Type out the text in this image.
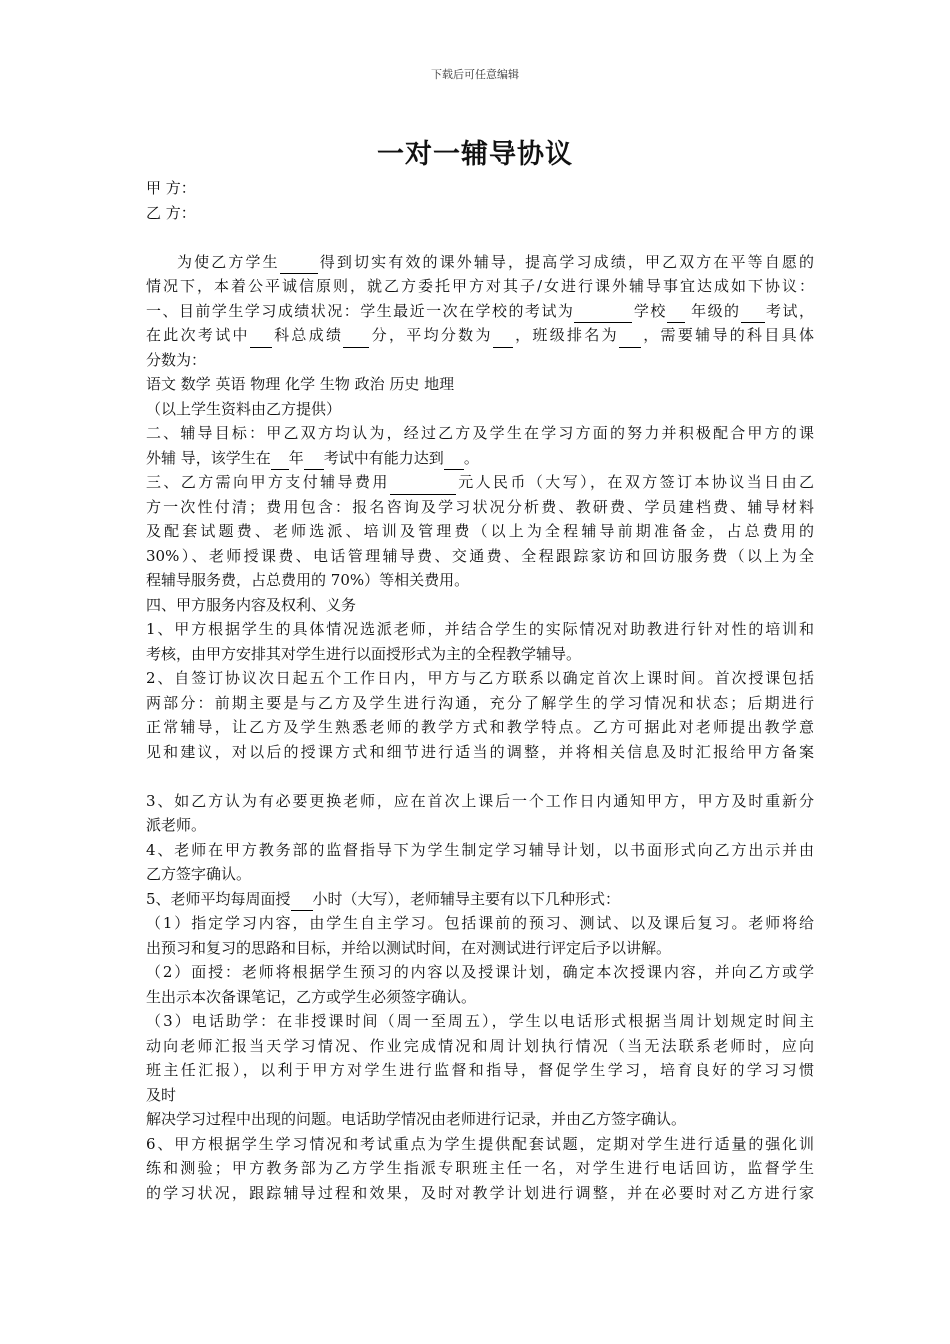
下载后可任意编辑
一对一辅导协议
甲 方：
乙 方：
为使乙方学生	得到切实有效的课外辅导，提高学习成绩，甲乙双方在平等自愿的
情况下，本着公平诚信原则，就乙方委托甲方对其子/女进行课外辅导事宜达成如下协议：
一、目前学生学习成绩状况：学生最近一次在学校的考试为	学校 年级的 考试，
在此次考试中 科总成绩 分，平均分数为 ，班级排名为 ，需要辅导的科目具体
分数为：
语文 数学 英语 物理 化学 生物 政治 历史 地理
（以上学生资料由乙方提供）
二、辅导目标：甲乙双方均认为，经过乙方及学生在学习方面的努力并积极配合甲方的课
外辅 导，该学生在 年 考试中有能力达到 。
三、乙方需向甲方支付辅导费用	元人民币（大写），在双方签订本协议当日由乙
方一次性付清；费用包含：报名咨询及学习状况分析费、教研费、学员建档费、辅导材料
及配套试题费、老师选派、培训及管理费（以上为全程辅导前期准备金，占总费用的
30%）、老师授课费、电话管理辅导费、交通费、全程跟踪家访和回访服务费（以上为全
程辅导服务费，占总费用的 70%）等相关费用。
四、甲方服务内容及权利、义务
1、甲方根据学生的具体情况选派老师，并结合学生的实际情况对助教进行针对性的培训和
考核，由甲方安排其对学生进行以面授形式为主的全程教学辅导。
2、自签订协议次日起五个工作日内，甲方与乙方联系以确定首次上课时间。首次授课包括
两部分：前期主要是与乙方及学生进行沟通，充分了解学生的学习情况和状态；后期进行
正常辅导，让乙方及学生熟悉老师的教学方式和教学特点。乙方可据此对老师提出教学意
见和建议，对以后的授课方式和细节进行适当的调整，并将相关信息及时汇报给甲方备案
3、如乙方认为有必要更换老师，应在首次上课后一个工作日内通知甲方，甲方及时重新分
派老师。
4、老师在甲方教务部的监督指导下为学生制定学习辅导计划，以书面形式向乙方出示并由
乙方签字确认。
5、老师平均每周面授 小时（大写），老师辅导主要有以下几种形式：
（1）指定学习内容，由学生自主学习。包括课前的预习、测试、以及课后复习。老师将给
出预习和复习的思路和目标，并给以测试时间，在对测试进行评定后予以讲解。
（2）面授：老师将根据学生预习的内容以及授课计划，确定本次授课内容，并向乙方或学
生出示本次备课笔记，乙方或学生必须签字确认。
（3）电话助学：在非授课时间（周一至周五），学生以电话形式根据当周计划规定时间主
动向老师汇报当天学习情况、作业完成情况和周计划执行情况（当无法联系老师时，应向
班主任汇报），以利于甲方对学生进行监督和指导，督促学生学习，培育良好的学习习惯
及时
解决学习过程中出现的问题。电话助学情况由老师进行记录，并由乙方签字确认。
6、甲方根据学生学习情况和考试重点为学生提供配套试题，定期对学生进行适量的强化训
练和测验；甲方教务部为乙方学生指派专职班主任一名，对学生进行电话回访，监督学生
的学习状况，跟踪辅导过程和效果，及时对教学计划进行调整，并在必要时对乙方进行家
